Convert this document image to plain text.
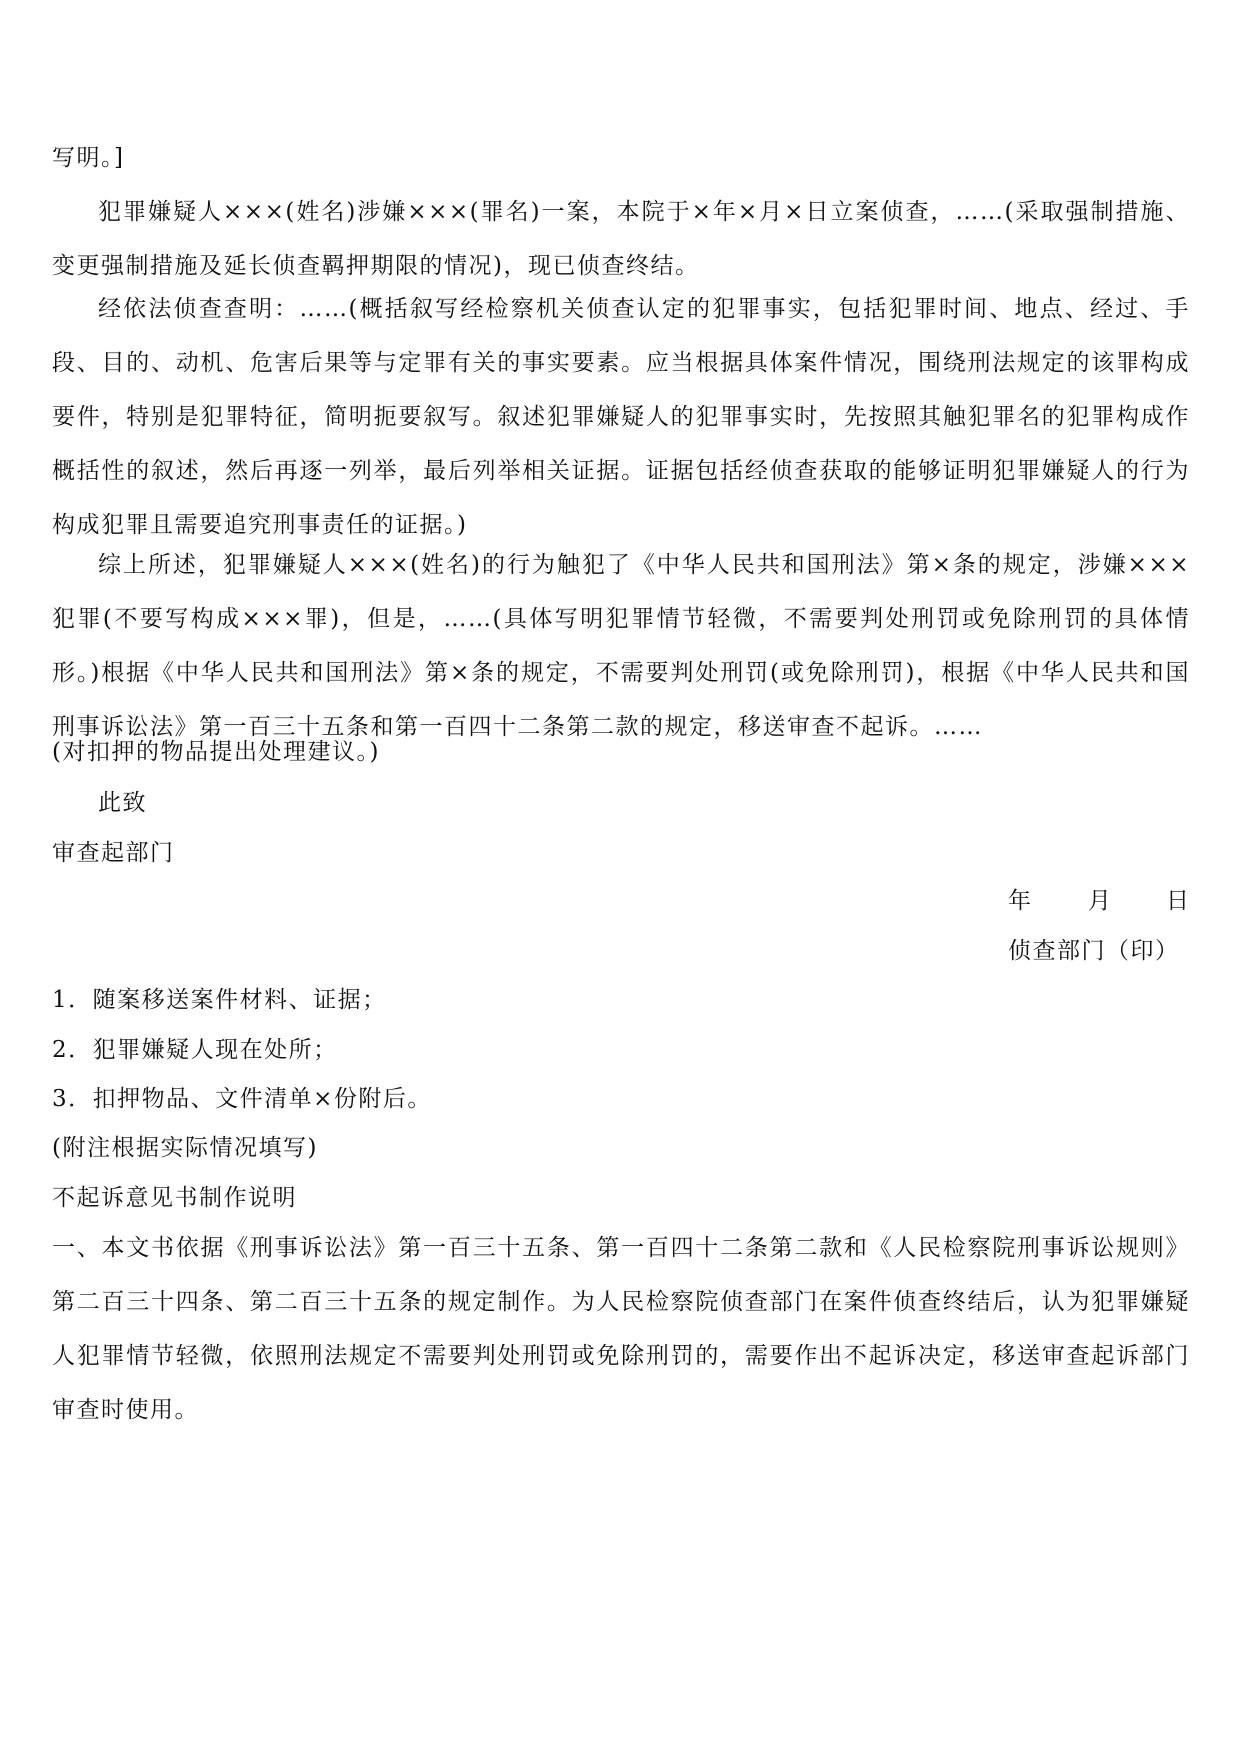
写明。]

犯罪嫌疑人×××(姓名)涉嫌×××(罪名)一案，本院于×年×月×日立案侦查，……(采取强制措施、变更强制措施及延长侦查羁押期限的情况)，现已侦查终结。

经依法侦查查明：……(概括叙写经检察机关侦查认定的犯罪事实，包括犯罪时间、地点、经过、手段、目的、动机、危害后果等与定罪有关的事实要素。应当根据具体案件情况，围绕刑法规定的该罪构成要件，特别是犯罪特征，简明扼要叙写。叙述犯罪嫌疑人的犯罪事实时，先按照其触犯罪名的犯罪构成作概括性的叙述，然后再逐一列举，最后列举相关证据。证据包括经侦查获取的能够证明犯罪嫌疑人的行为构成犯罪且需要追究刑事责任的证据。)

综上所述，犯罪嫌疑人×××(姓名)的行为触犯了《中华人民共和国刑法》第×条的规定，涉嫌×××犯罪(不要写构成×××罪)，但是，……(具体写明犯罪情节轻微，不需要判处刑罚或免除刑罚的具体情形。)根据《中华人民共和国刑法》第×条的规定，不需要判处刑罚(或免除刑罚)，根据《中华人民共和国刑事诉讼法》第一百三十五条和第一百四十二条第二款的规定，移送审查不起诉。……

(对扣押的物品提出处理建议。)

此致

审查起部门

年 月 日

侦查部门（印）

1．随案移送案件材料、证据；

2．犯罪嫌疑人现在处所；

3．扣押物品、文件清单×份附后。

(附注根据实际情况填写)

不起诉意见书制作说明

一、本文书依据《刑事诉讼法》第一百三十五条、第一百四十二条第二款和《人民检察院刑事诉讼规则》第二百三十四条、第二百三十五条的规定制作。为人民检察院侦查部门在案件侦查终结后，认为犯罪嫌疑人犯罪情节轻微，依照刑法规定不需要判处刑罚或免除刑罚的，需要作出不起诉决定，移送审查起诉部门审查时使用。
